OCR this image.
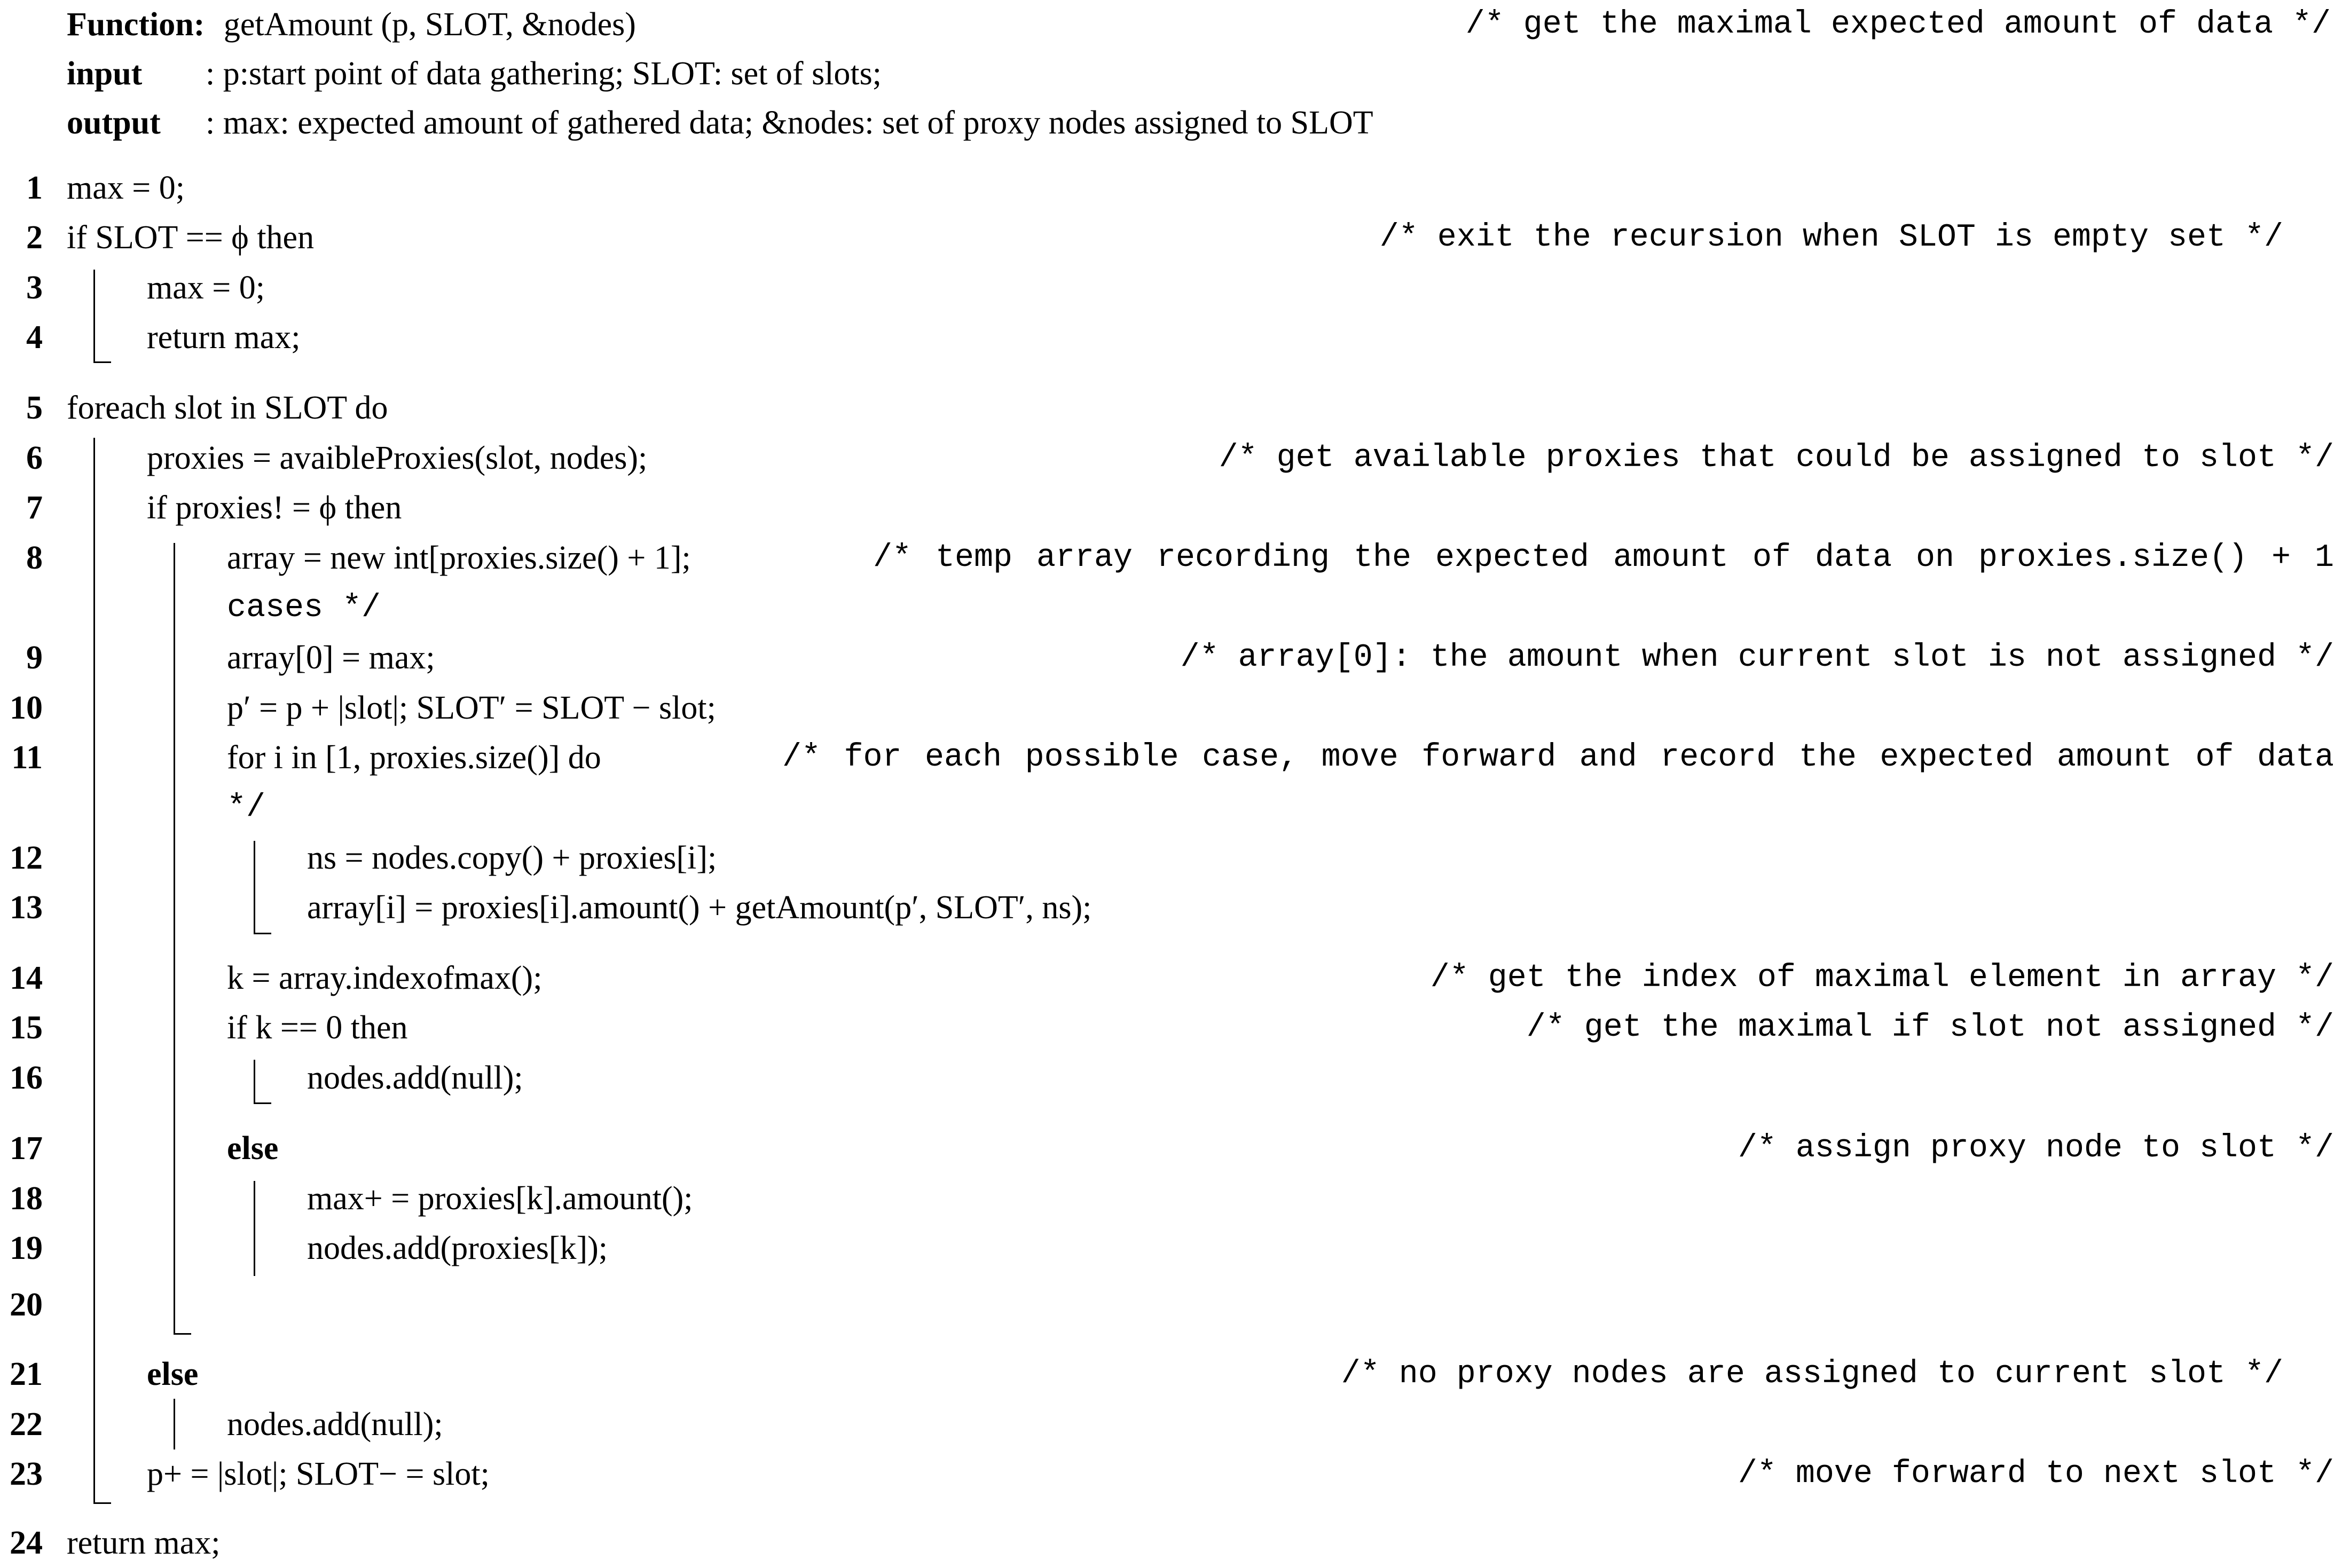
Function: getAmount (p, SLOT, &nodes)	/* get the maximal expected amount of data */
input : p:start point of data gathering; SLOT: set of slots;
output : max: expected amount of gathered data; &nodes: set of proxy nodes assigned to SLOT
1 max = 0;
2 if SLOT == ϕ then	/* exit the recursion when SLOT is empty set */
3	max = 0;
4	return max;
5 foreach slot in SLOT do
6	proxies = avaibleProxies(slot, nodes);	/* get available proxies that could be assigned to slot */
7	if proxies! = ϕ then
8	array = new int[proxies.size() + 1];	/* temp array recording the expected amount of data on proxies.size() + 1 cases */
9	array[0] = max;	/* array[0]: the amount when current slot is not assigned */
10	p′ = p + |slot|; SLOT′ = SLOT − slot;
11	for i in [1, proxies.size()] do	/* for each possible case, move forward and record the expected amount of data */
12	ns = nodes.copy() + proxies[i];
13	array[i] = proxies[i].amount() + getAmount(p′, SLOT′, ns);
14	k = array.indexofmax();	/* get the index of maximal element in array */
15	if k == 0 then	/* get the maximal if slot not assigned */
16	nodes.add(null);
17	else	/* assign proxy node to slot */
18	max+ = proxies[k].amount();
19	nodes.add(proxies[k]);
20
21	else	/* no proxy nodes are assigned to current slot */
22	nodes.add(null);
23	p+ = |slot|; SLOT− = slot;	/* move forward to next slot */
24 return max;
